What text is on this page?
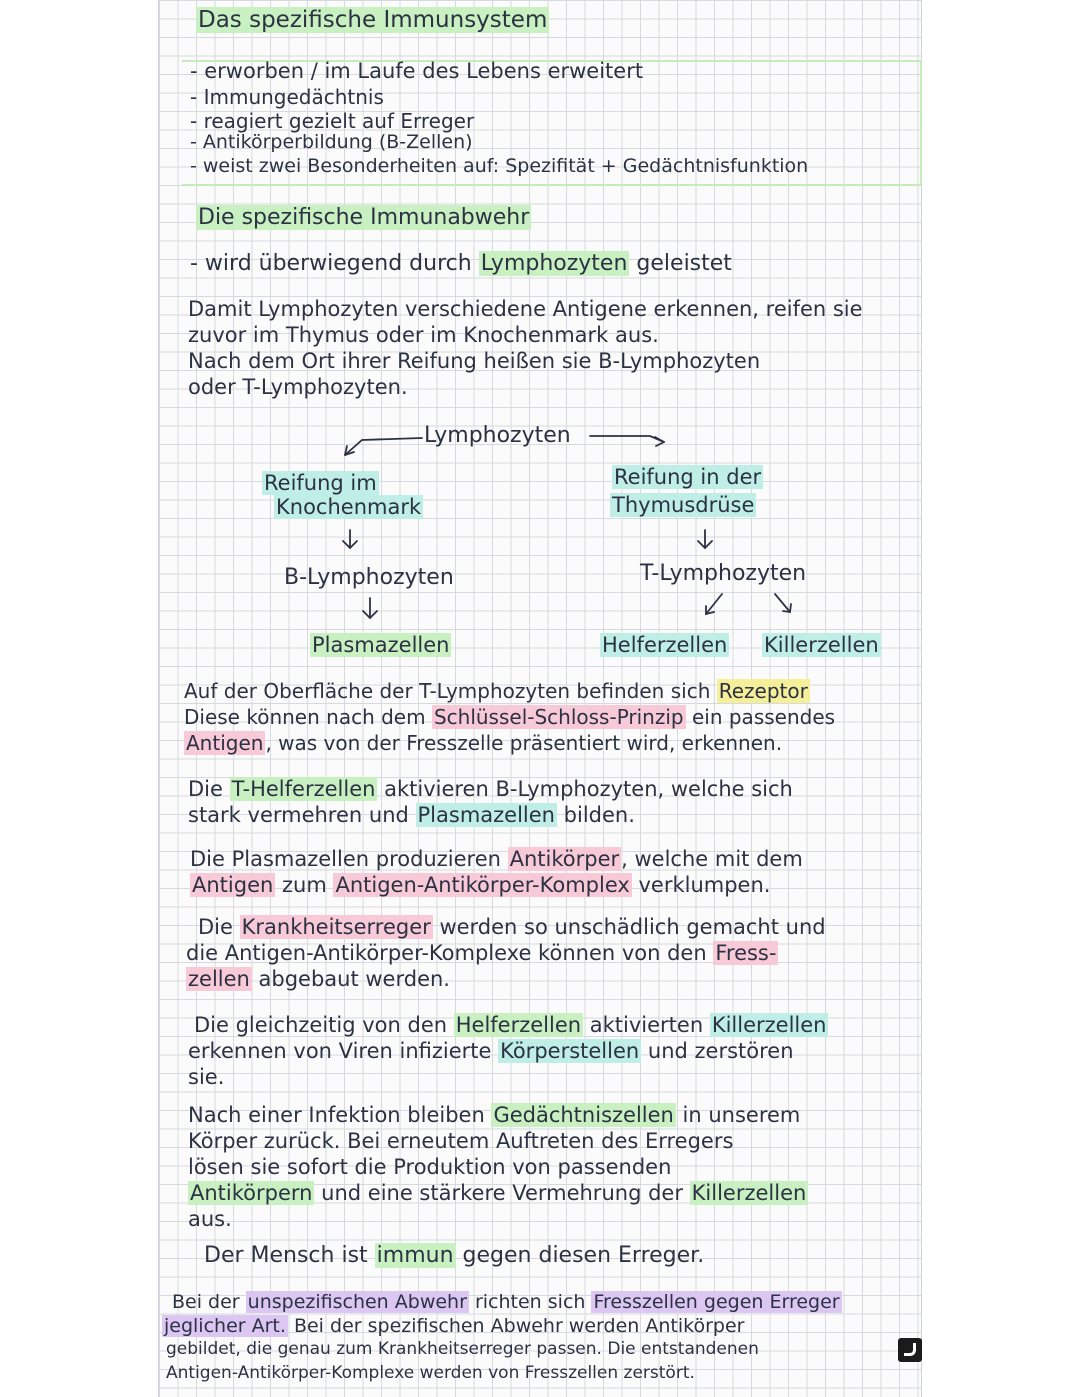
Das spezifische Immunsystem
- erworben / im Laufe des Lebens erweitert
- Immungedächtnis
- reagiert gezielt auf Erreger
- Antikörperbildung (B-Zellen)
- weist zwei Besonderheiten auf: Spezifität + Gedächtnisfunktion
Die spezifische Immunabwehr
- wird überwiegend durch Lymphozyten geleistet
Damit Lymphozyten verschiedene Antigene erkennen, reifen sie
zuvor im Thymus oder im Knochenmark aus.
Nach dem Ort ihrer Reifung heißen sie B-Lymphozyten
oder T-Lymphozyten.
Lymphozyten
Reifung im
Knochenmark
Reifung in der
Thymusdrüse
B-Lymphozyten	T-Lymphozyten
Plasmazellen	Helferzellen Killerzellen
Auf der Oberfläche der T-Lymphozyten befinden sich Rezeptor
Diese können nach dem Schlüssel-Schloss-Prinzip ein passendes
Antigen , was von der Fresszelle präsentiert wird, erkennen.
Die T-Helferzellen aktivieren B-Lymphozyten, welche sich
stark vermehren und Plasmazellen bilden.
Die Plasmazellen produzieren Antikörper, welche mit dem
Antigen zum Antigen-Antikörper-Komplex verklumpen.
Die Krankheitserreger werden so unschädlich gemacht und
die Antigen-Antikörper-Komplexe können von den Fress-
zellen abgebaut werden.
Die gleichzeitig von den Helferzellen aktivierten Killerzellen
erkennen von Viren infizierte Körperstellen und zerstören
sie.
Nach einer Infektion bleiben Gedächtniszellen in unserem
Körper zurück. Bei erneutem Auftreten des Erregers
lösen sie sofort die Produktion von passenden
Antikörpern und eine stärkere Vermehrung der Killerzellen
aus.
Der Mensch ist immun gegen diesen Erreger.
Bei der unspezifischen Abwehr richten sich Fresszellen gegen Erreger
jeglicher Art. Bei der spezifischen Abwehr werden Antikörper
gebildet, die genau zum Krankheitserreger passen. Die entstandenen
Antigen-Antikörper-Komplexe werden von Fresszellen zerstört.
